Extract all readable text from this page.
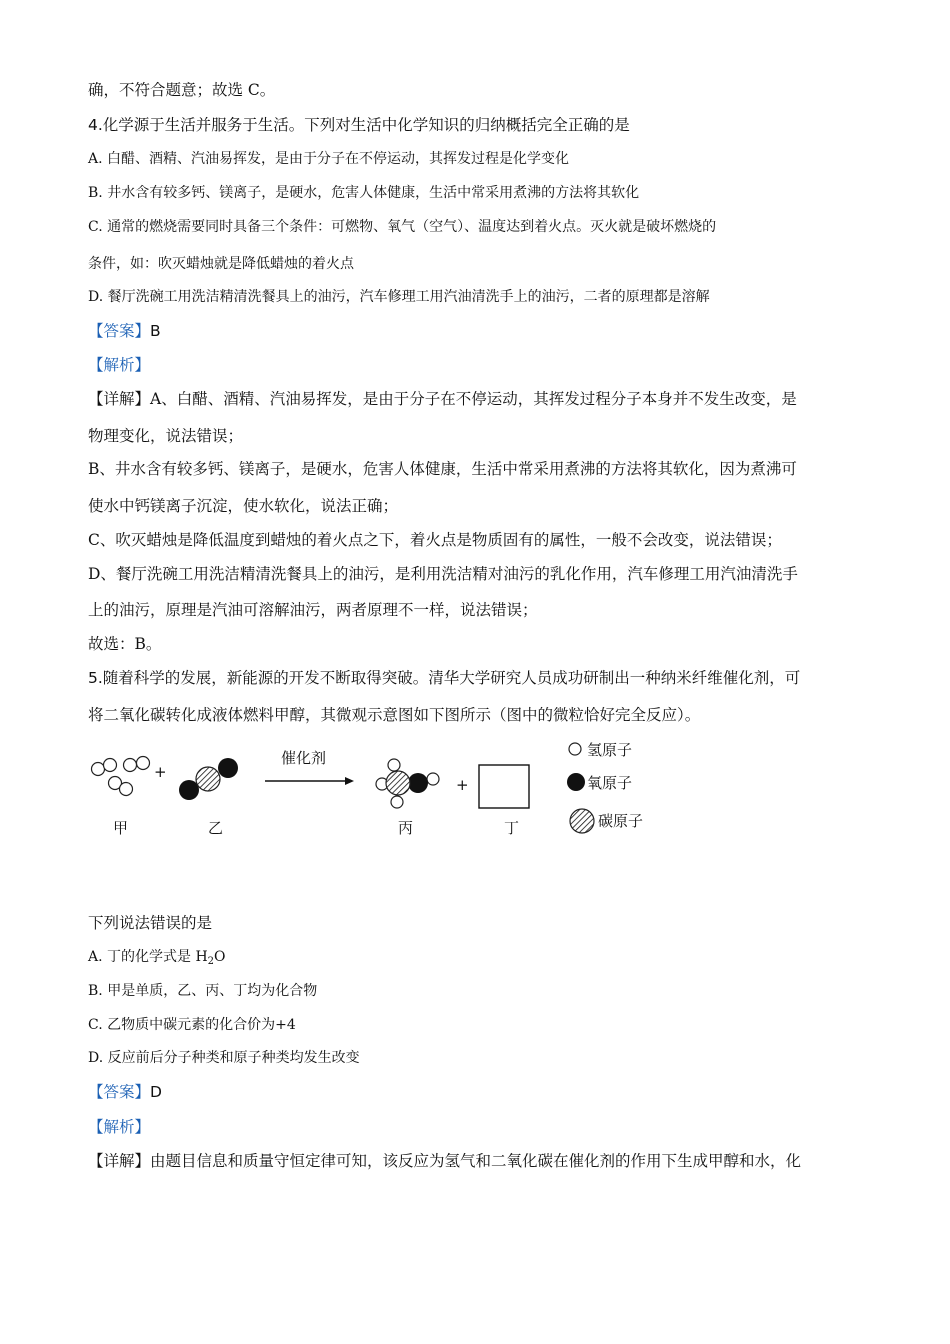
确，不符合题意；故选 C。
4.化学源于生活并服务于生活。下列对生活中化学知识的归纳概括完全正确的是
A. 白醋、酒精、汽油易挥发，是由于分子在不停运动，其挥发过程是化学变化
B. 井水含有较多钙、镁离子，是硬水，危害人体健康，生活中常采用煮沸的方法将其软化
C. 通常的燃烧需要同时具备三个条件：可燃物、氧气（空气）、温度达到着火点。灭火就是破坏燃烧的
条件，如：吹灭蜡烛就是降低蜡烛的着火点
D. 餐厅洗碗工用洗洁精清洗餐具上的油污，汽车修理工用汽油清洗手上的油污，二者的原理都是溶解
【答案】B
【解析】
【详解】A、白醋、酒精、汽油易挥发，是由于分子在不停运动，其挥发过程分子本身并不发生改变，是
物理变化，说法错误；
B、井水含有较多钙、镁离子，是硬水，危害人体健康，生活中常采用煮沸的方法将其软化，因为煮沸可
使水中钙镁离子沉淀，使水软化，说法正确；
C、吹灭蜡烛是降低温度到蜡烛的着火点之下，着火点是物质固有的属性，一般不会改变，说法错误；
D、餐厅洗碗工用洗洁精清洗餐具上的油污，是利用洗洁精对油污的乳化作用，汽车修理工用汽油清洗手
上的油污，原理是汽油可溶解油污，两者原理不一样，说法错误；
故选：B。
5.随着科学的发展，新能源的开发不断取得突破。清华大学研究人员成功研制出一种纳米纤维催化剂，可
将二氧化碳转化成液体燃料甲醇，其微观示意图如下图所示（图中的微粒恰好完全反应）。
+
催化剂
+
甲	乙	丙	丁
氢原子
氧原子
碳原子
下列说法错误的是
A. 丁的化学式是 $H_2O$
B. 甲是单质，乙、丙、丁均为化合物
C. 乙物质中碳元素的化合价为+4
D. 反应前后分子种类和原子种类均发生改变
【答案】D
【解析】
【详解】由题目信息和质量守恒定律可知，该反应为氢气和二氧化碳在催化剂的作用下生成甲醇和水，化
